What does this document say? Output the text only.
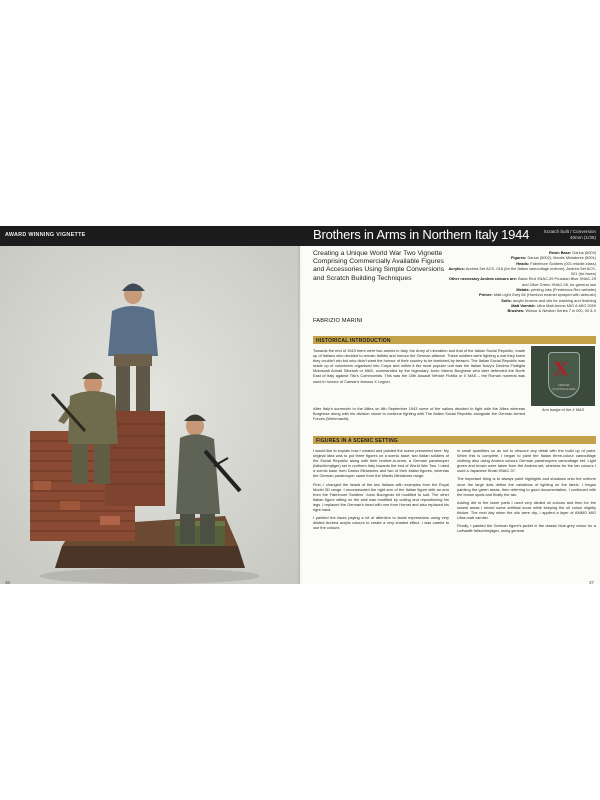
36
AWARD WINNING VIGNETTE	Brothers in Arms in Northern Italy 1944	Scratch built / Conversion
40mm (1/35)
Creating a Unique World War Two Vignette Comprising Commercially Available Figures and Accessories Using Simple Conversions and Scratch Building Techniques
FABRIZIO MARINI
Resin Base: Darius (5003)
Figures: Darius (5002), Mantis Miniatures (5001)
Heads: Fabrimore Soldiers (001 middle-class)
Acrylics: Andrea Set ACS -018 (for the Italian camouflage uniform), Andrea Set ACS-001 (for faces)
Other necessary Andrea colours are: Basic Red XNAC-39 Prussian Blue XNAC-25 and Olive Green XNAC-06, for general use
Metals: printing inks (Fredericus Rex website)
Primer: Matt Light Grey 64 (Humbrol enamel sprayed with airbrush)
Soils: acrylic browns and oils for washing and finishing
Matt Varnish: Ultra Matt Ammo MIG A-MIG 2050
Brushes: Winsor & Newton Series 7 in 000, 00 & 0
HISTORICAL INTRODUCTION
Towards the end of 1943 there were two armies in Italy, the Army of Liberation and that of the Italian Social Republic, made up of Italians who decided to remain faithful and honour the German alliance. These soldiers were fighting a war they knew they couldn't win but who didn't want the honour of their country to be tarnished by treason. The Italian Social Republic was made up of volunteers organised into Corps and within it the most popular unit was the Italian Navy's Decima Flottiglia Motoscafi Armati Siluranti or MAS, commanded by the legendary Junio Valerio Borghese who later defended the North East of Italy against Tito's Communists. This was the 10th Assault Vehicle Flotilla or X MAS – the Roman numeral was used in honour of Caesar's famous X Legion.
After Italy's surrender to the Allies on 8th September 1943 some of the sailors decided to fight with the Allies whereas Borghese along with his division chose to continue fighting with The Italian Social Republic alongside the German Armed Forces (Wehrmacht).
X
DECIMA FLOTTIGLIA MAS
Arm badge of the X MAS
FIGURES IN A SCENIC SETTING

I would like to explain how I created and painted the scene presented here. My original idea was to put three figures on a scenic base; two Italian soldiers of the Social Republic along with their brother-in-arms, a German paratrooper (fallschirmjäger) set in northern Italy towards the end of World War Two. I used a scenic base from Darius Miniatures and two of their Italian figures, whereas the German paratrooper came from the Mantis Miniatures range.

First, I changed the heads of the two Italians with examples from the Royal Model 3D range. I reconstructed the right arm of the Italian figure with an arm from the Fabrimore Soldiers' Junio Bourgeois kit modified to suit. The other Italian figure sitting on the wall was modified by cutting and repositioning his legs. I replaced the German's head with one from Hornet and also replaced his right hand.

I painted the faces paying a lot of attention to facial expressions using very diluted Andrea acrylic colours to create a very shaded effect. I was careful to use the colours

in small quantities so as not to obscure any detail with the build up of paint. When this is complete, I began to paint the Italian three-colour camouflage clothing also using Andrea colours German paratroopers camouflage set. Light green and brown were taken from the Andrea set, whereas for the tan colours I used a Japanese Khaki XNAC-07.

The important thing is to always paint highlights and shadows onto the uniform once the large dots define the variations of lighting on the fabric. I began painting the green areas, then referring to good documentation, I continued with the brown spots and finally the tan.

Adding dirt to the lower parts I used very diluted oil colours and then for the lowest areas I mixed some artificial snow while keeping the oil colour slightly thicker. The next day when the oils were dry, I applied a layer of AMMO MIG Ultra-matt varnish.

Finally, I painted the German figure's jacket in the classic blue-grey colour for a Luftwaffe fallschirmjäger, using general

37
